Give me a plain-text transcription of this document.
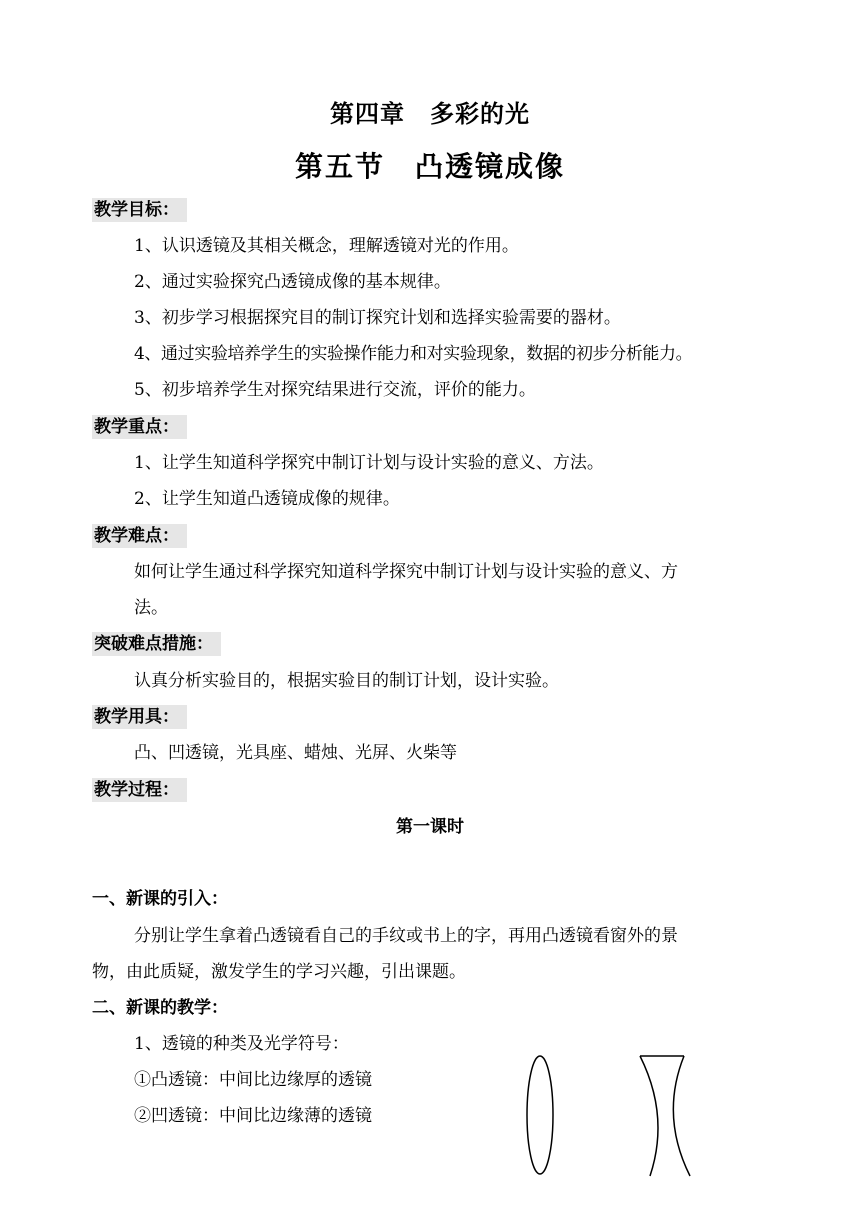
第四章　多彩的光
第五节　凸透镜成像
教学目标：
1、认识透镜及其相关概念，理解透镜对光的作用。
2、通过实验探究凸透镜成像的基本规律。
3、初步学习根据探究目的制订探究计划和选择实验需要的器材。
4、通过实验培养学生的实验操作能力和对实验现象，数据的初步分析能力。
5、初步培养学生对探究结果进行交流，评价的能力。
教学重点：
1、让学生知道科学探究中制订计划与设计实验的意义、方法。
2、让学生知道凸透镜成像的规律。
教学难点：
如何让学生通过科学探究知道科学探究中制订计划与设计实验的意义、方
法。
突破难点措施：
认真分析实验目的，根据实验目的制订计划，设计实验。
教学用具：
凸、凹透镜，光具座、蜡烛、光屏、火柴等
教学过程：
第一课时
一、新课的引入：
分别让学生拿着凸透镜看自己的手纹或书上的字，再用凸透镜看窗外的景
物，由此质疑，激发学生的学习兴趣，引出课题。
二、新课的教学：
1、透镜的种类及光学符号：
①凸透镜：中间比边缘厚的透镜
②凹透镜：中间比边缘薄的透镜
